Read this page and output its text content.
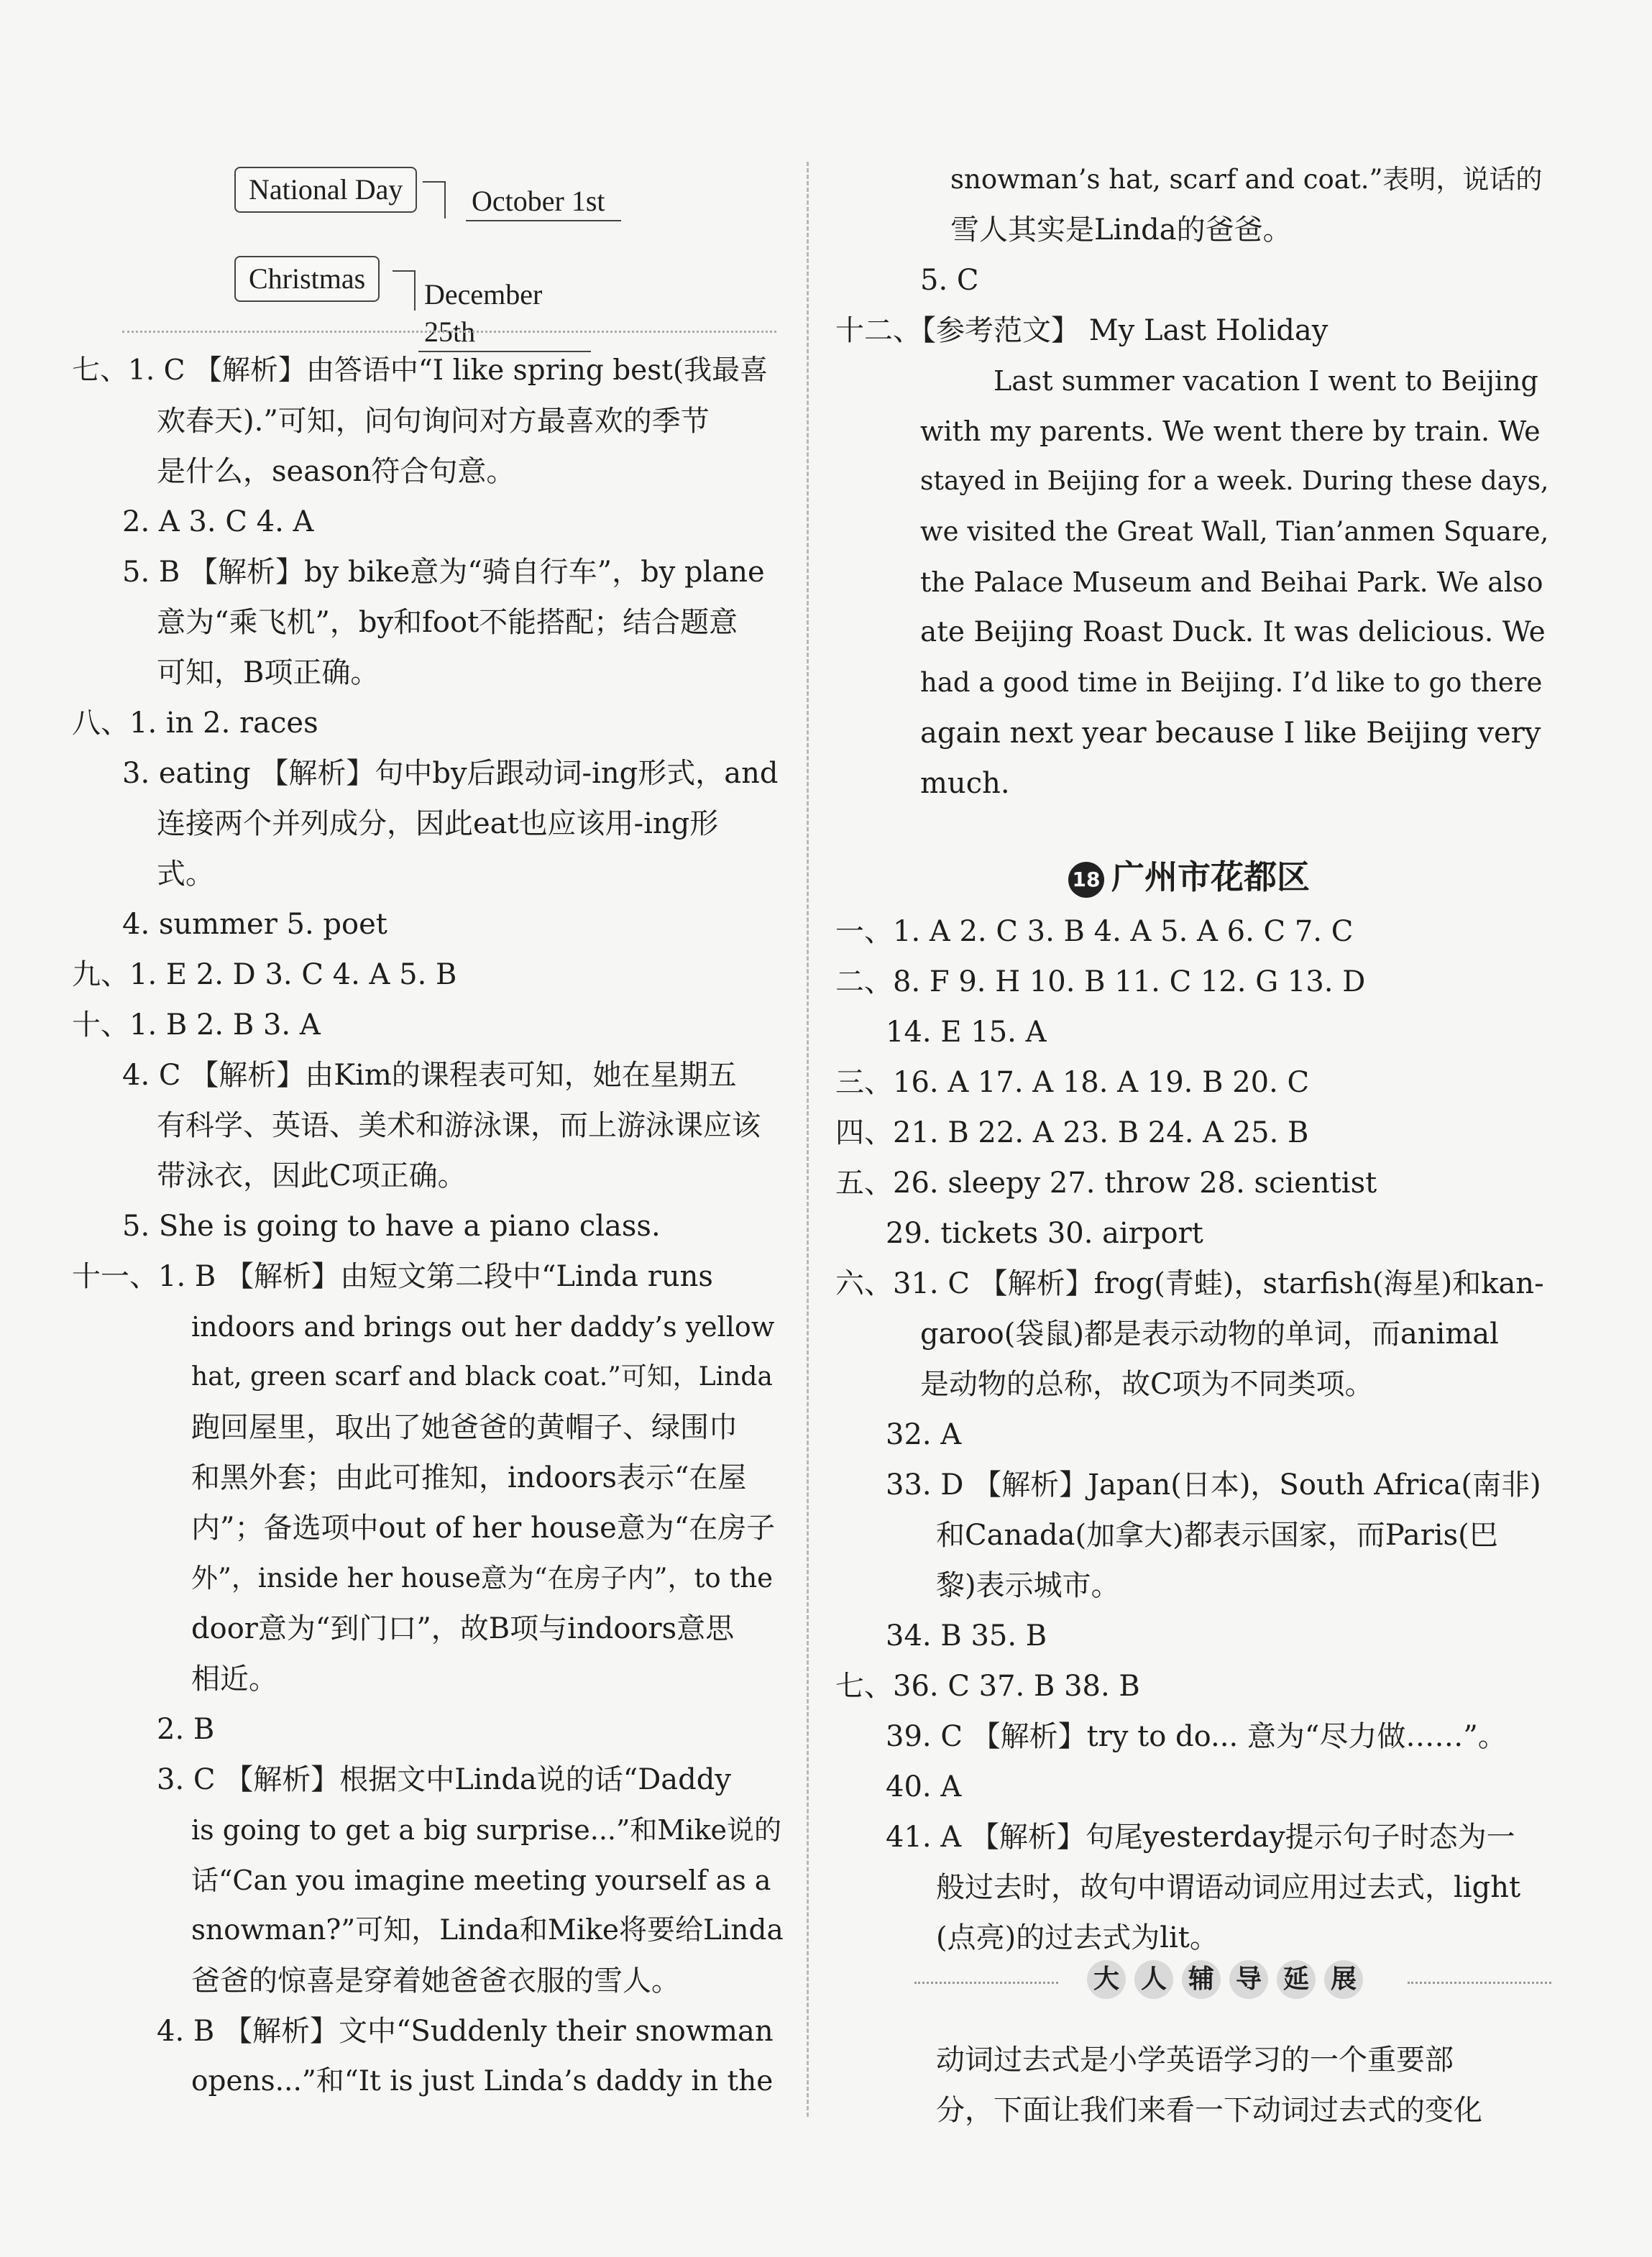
National Day	October 1st
Christmas	December 25th
七、1. C 【解析】由答语中“I like spring best(我最喜
欢春天).”可知，问句询问对方最喜欢的季节
是什么，season符合句意。
2. A 3. C 4. A
5. B 【解析】by bike意为“骑自行车”，by plane
意为“乘飞机”，by和foot不能搭配；结合题意
可知，B项正确。
八、1. in 2. races
3. eating 【解析】句中by后跟动词-ing形式，and
连接两个并列成分，因此eat也应该用-ing形
式。
4. summer 5. poet
九、1. E 2. D 3. C 4. A 5. B
十、1. B 2. B 3. A
4. C 【解析】由Kim的课程表可知，她在星期五
有科学、英语、美术和游泳课，而上游泳课应该
带泳衣，因此C项正确。
5. She is going to have a piano class.
十一、1. B 【解析】由短文第二段中“Linda runs
indoors and brings out her daddy’s yellow
hat, green scarf and black coat.”可知，Linda
跑回屋里，取出了她爸爸的黄帽子、绿围巾
和黑外套；由此可推知，indoors表示“在屋
内”；备选项中out of her house意为“在房子
外”，inside her house意为“在房子内”，to the
door意为“到门口”，故B项与indoors意思
相近。
2. B
3. C 【解析】根据文中Linda说的话“Daddy
is going to get a big surprise...”和Mike说的
话“Can you imagine meeting yourself as a
snowman?”可知，Linda和Mike将要给Linda
爸爸的惊喜是穿着她爸爸衣服的雪人。
4. B 【解析】文中“Suddenly their snowman
opens...”和“It is just Linda’s daddy in the
snowman’s hat, scarf and coat.”表明，说话的
雪人其实是Linda的爸爸。
5. C
十二、【参考范文】 My Last Holiday
Last summer vacation I went to Beijing
with my parents. We went there by train. We
stayed in Beijing for a week. During these days,
we visited the Great Wall, Tian’anmen Square,
the Palace Museum and Beihai Park. We also
ate Beijing Roast Duck. It was delicious. We
had a good time in Beijing. I’d like to go there
again next year because I like Beijing very
much.
一、1. A 2. C 3. B 4. A 5. A 6. C 7. C
二、8. F 9. H 10. B 11. C 12. G 13. D
14. E 15. A
三、16. A 17. A 18. A 19. B 20. C
四、21. B 22. A 23. B 24. A 25. B
五、26. sleepy 27. throw 28. scientist
29. tickets 30. airport
六、31. C 【解析】frog(青蛙)，starfish(海星)和kan-
garoo(袋鼠)都是表示动物的单词，而animal
是动物的总称，故C项为不同类项。
32. A
33. D 【解析】Japan(日本)，South Africa(南非)
和Canada(加拿大)都表示国家，而Paris(巴
黎)表示城市。
34. B 35. B
七、36. C 37. B 38. B
39. C 【解析】try to do... 意为“尽力做……”。
40. A
41. A 【解析】句尾yesterday提示句子时态为一
般过去时，故句中谓语动词应用过去式，light
(点亮)的过去式为lit。
动词过去式是小学英语学习的一个重要部
分，下面让我们来看一下动词过去式的变化
18 广州市花都区
大 人 辅 导 延 展
